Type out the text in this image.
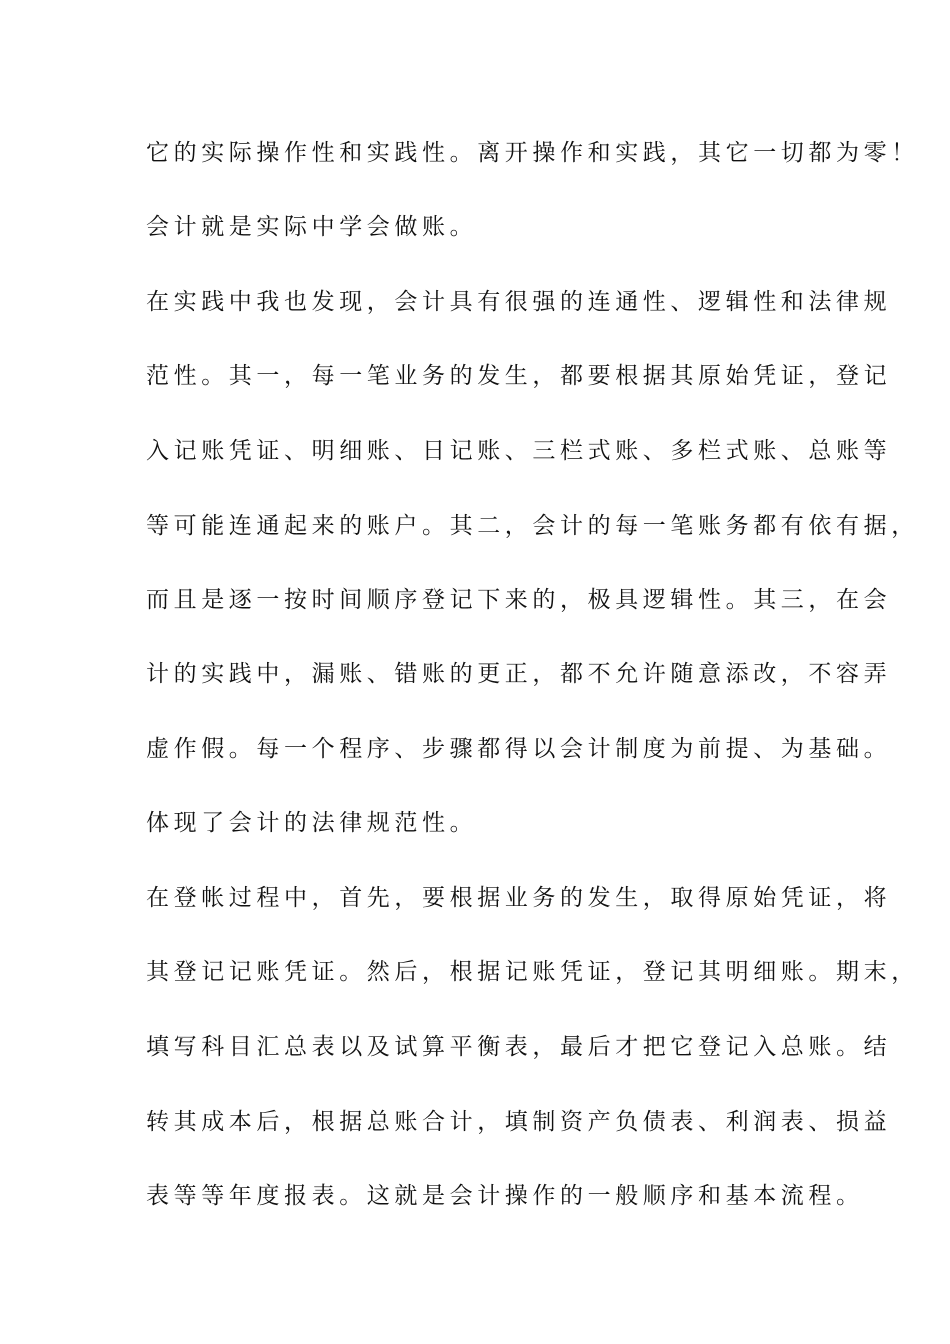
它的实际操作性和实践性。离开操作和实践，其它一切都为零！
会计就是实际中学会做账。
在实践中我也发现，会计具有很强的连通性、逻辑性和法律规
范性。其一，每一笔业务的发生，都要根据其原始凭证，登记
入记账凭证、明细账、日记账、三栏式账、多栏式账、总账等
等可能连通起来的账户。其二，会计的每一笔账务都有依有据，
而且是逐一按时间顺序登记下来的，极具逻辑性。其三，在会
计的实践中，漏账、错账的更正，都不允许随意添改，不容弄
虚作假。每一个程序、步骤都得以会计制度为前提、为基础。
体现了会计的法律规范性。
在登帐过程中，首先，要根据业务的发生，取得原始凭证，将
其登记记账凭证。然后，根据记账凭证，登记其明细账。期末，
填写科目汇总表以及试算平衡表，最后才把它登记入总账。结
转其成本后，根据总账合计，填制资产负债表、利润表、损益
表等等年度报表。这就是会计操作的一般顺序和基本流程。
